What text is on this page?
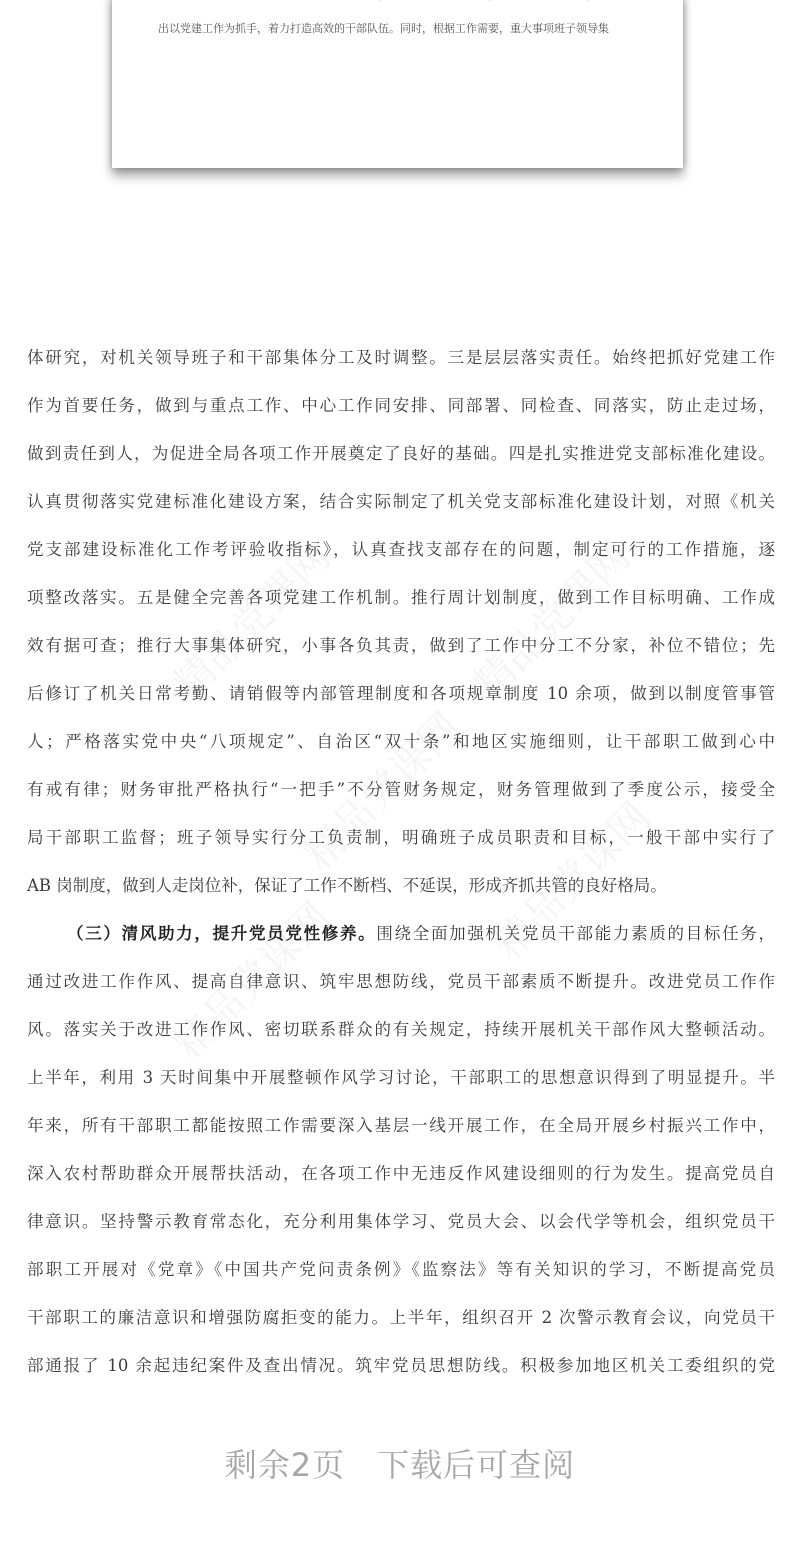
出以党建工作为抓手，着力打造高效的干部队伍。同时，根据工作需要，重大事项班子领导集
体研究，对机关领导班子和干部集体分工及时调整。三是层层落实责任。始终把抓好党建工作
作为首要任务，做到与重点工作、中心工作同安排、同部署、同检查、同落实，防止走过场，
做到责任到人，为促进全局各项工作开展奠定了良好的基础。四是扎实推进党支部标准化建设。
认真贯彻落实党建标准化建设方案，结合实际制定了机关党支部标准化建设计划，对照《机关
党支部建设标准化工作考评验收指标》，认真查找支部存在的问题，制定可行的工作措施，逐
项整改落实。五是健全完善各项党建工作机制。推行周计划制度，做到工作目标明确、工作成
效有据可查；推行大事集体研究，小事各负其责，做到了工作中分工不分家，补位不错位；先
后修订了机关日常考勤、请销假等内部管理制度和各项规章制度 10 余项，做到以制度管事管
人；严格落实党中央“八项规定”、自治区“双十条”和地区实施细则，让干部职工做到心中
有戒有律；财务审批严格执行“一把手”不分管财务规定，财务管理做到了季度公示，接受全
局干部职工监督；班子领导实行分工负责制，明确班子成员职责和目标，一般干部中实行了
AB 岗制度，做到人走岗位补，保证了工作不断档、不延误，形成齐抓共管的良好格局。
（三）清风助力，提升党员党性修养。围绕全面加强机关党员干部能力素质的目标任务，
通过改进工作作风、提高自律意识、筑牢思想防线，党员干部素质不断提升。改进党员工作作
风。落实关于改进工作作风、密切联系群众的有关规定，持续开展机关干部作风大整顿活动。
上半年，利用 3 天时间集中开展整顿作风学习讨论，干部职工的思想意识得到了明显提升。半
年来，所有干部职工都能按照工作需要深入基层一线开展工作，在全局开展乡村振兴工作中，
深入农村帮助群众开展帮扶活动，在各项工作中无违反作风建设细则的行为发生。提高党员自
律意识。坚持警示教育常态化，充分利用集体学习、党员大会、以会代学等机会，组织党员干
部职工开展对《党章》《中国共产党问责条例》《监察法》等有关知识的学习，不断提高党员
干部职工的廉洁意识和增强防腐拒变的能力。上半年，组织召开 2 次警示教育会议，向党员干
部通报了 10 余起违纪案件及查出情况。筑牢党员思想防线。积极参加地区机关工委组织的党
剩余2页 下载后可查阅
